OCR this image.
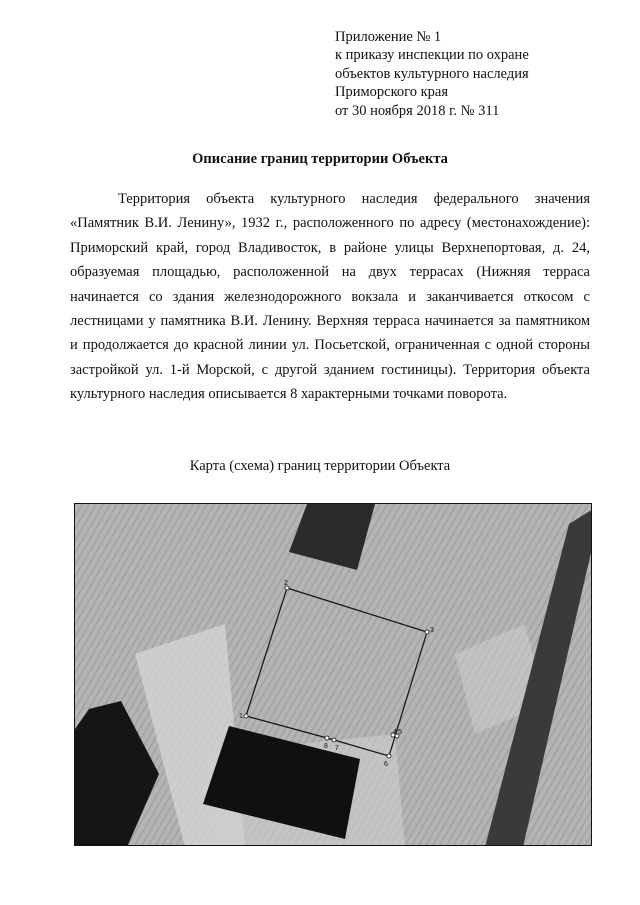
Приложение № 1
к приказу инспекции по охране
объектов культурного наследия
Приморского края
от 30 ноября 2018 г. № 311
Описание границ территории Объекта

Территория объекта культурного наследия федерального значения «Памятник В.И. Ленину», 1932 г., расположенного по адресу (местонахождение): Приморский край, город Владивосток, в районе улицы Верхнепортовая, д. 24, образуемая площадью, расположенной на двух террасах (Нижняя терраса начинается со здания железнодорожного вокзала и заканчивается откосом с лестницами у памятника В.И. Ленину. Верхняя терраса начинается за памятником и продолжается до красной линии ул. Посьетской, ограниченная с одной стороны застройкой ул. 1-й Морской, с другой зданием гостиницы). Территория объекта культурного наследия описывается 8 характерными точками поворота.

Карта (схема) границ территории Объекта
1
2
3
4 5
6
7
8
